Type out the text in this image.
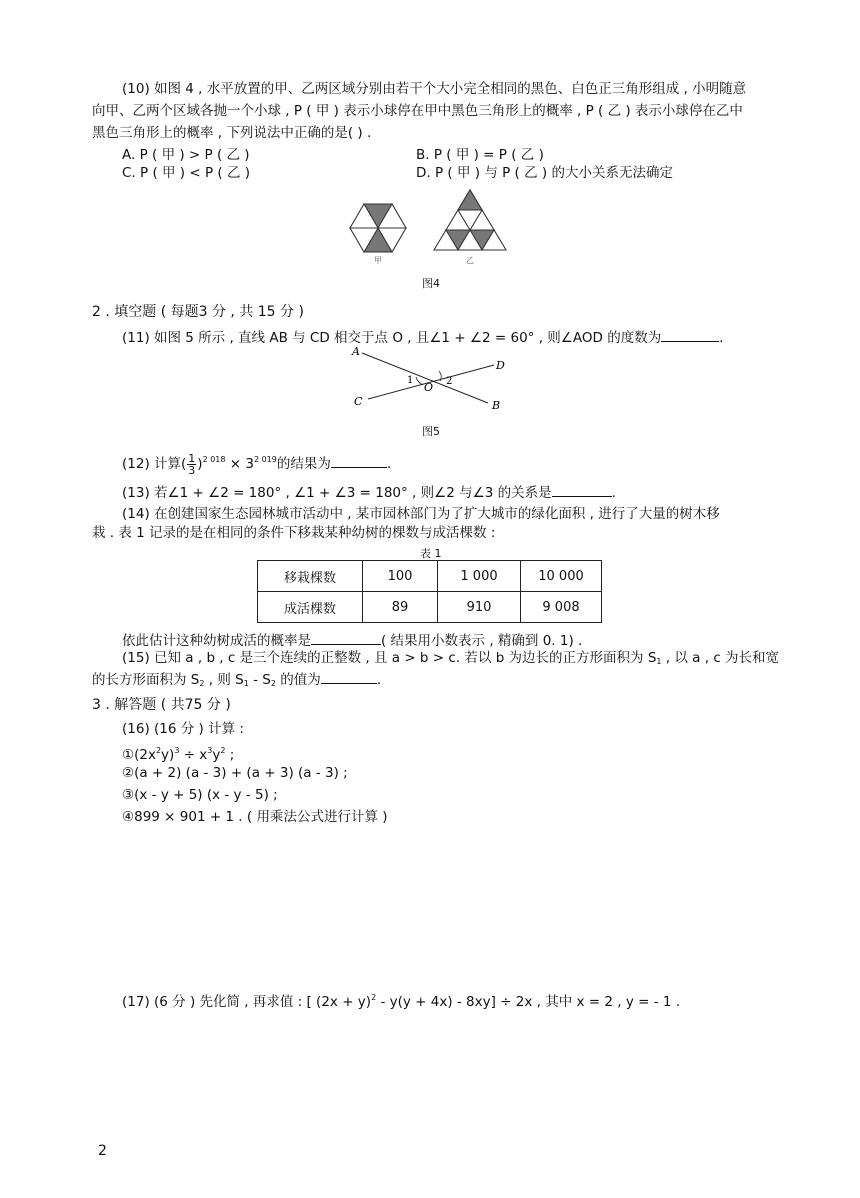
(10) 如图 4 , 水平放置的甲、乙两区域分别由若干个大小完全相同的黑色、白色正三角形组成 , 小明随意
向甲、乙两个区域各抛一个小球 , P ( 甲 ) 表示小球停在甲中黑色三角形上的概率 , P ( 乙 ) 表示小球停在乙中
黑色三角形上的概率 , 下列说法中正确的是( ) .
A. P ( 甲 ) > P ( 乙 )	B. P ( 甲 ) = P ( 乙 )
C. P ( 甲 ) < P ( 乙 )	D. P ( 甲 ) 与 P ( 乙 ) 的大小关系无法确定
甲	乙
图4
2 . 填空题 ( 每题3 分 , 共 15 分 )
(11) 如图 5 所示 , 直线 AB 与 CD 相交于点 O , 且∠1 + ∠2 = 60° , 则∠AOD 的度数为	.
A
D
C	B
O
1	2
图5
(12) 计算( $\frac{1}{3} )^{2 018} \times 3^{2 019}$的结果为	.
(13) 若∠1 + ∠2 = 180° , ∠1 + ∠3 = 180° , 则∠2 与∠3 的关系是	.
(14) 在创建国家生态园林城市活动中 , 某市园林部门为了扩大城市的绿化面积 , 进行了大量的树木移
栽 . 表 1 记录的是在相同的条件下移栽某种幼树的棵数与成活棵数 :
表 1
移栽棵数	100	1 000	10 000
成活棵数	89	910	9 008
依此估计这种幼树成活的概率是	( 结果用小数表示 , 精确到 0. 1) .
(15) 已知 a , b , c 是三个连续的正整数 , 且 a > b > c. 若以 b 为边长的正方形面积为 $S_1$ , 以 a , c 为长和宽
的长方形面积为 $S_2$ , 则 $S_1 - S_2$ 的值为	.
3 . 解答题 ( 共75 分 )
(16) (16 分 ) 计算 :
$①(2x^2y)^3 \div x^3y^2$ ;
②(a + 2) (a - 3) + (a + 3) (a - 3) ;
③(x - y + 5) (x - y - 5) ;
④899 × 901 + 1 . ( 用乘法公式进行计算 )
(17) (6 分 ) 先化简 , 再求值 : [ $(2x + y)^2 - y(y + 4x) - 8xy] \div 2x$ , 其中 x = 2 , y = - 1 .
2
